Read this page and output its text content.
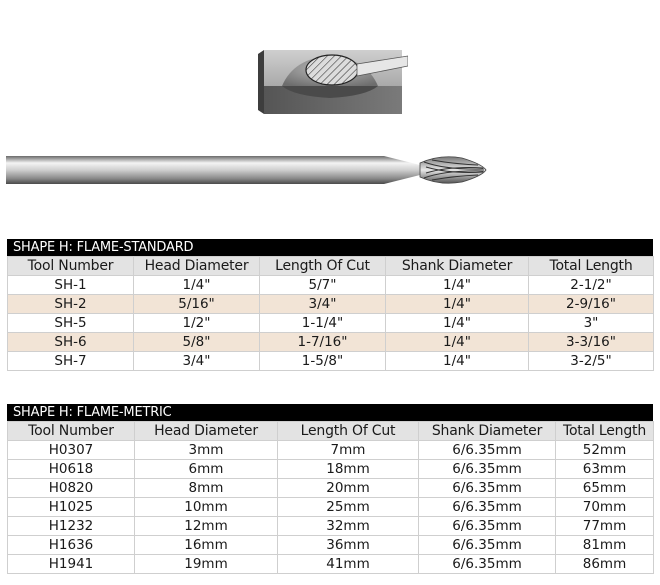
SHAPE H: FLAME-STANDARD
Tool Number	Head Diameter	Length Of Cut	Shank Diameter	Total Length
SH-1	1/4"	5/7"	1/4"	2-1/2"
SH-2	5/16"	3/4"	1/4"	2-9/16"
SH-5	1/2"	1-1/4"	1/4"	3"
SH-6	5/8"	1-7/16"	1/4"	3-3/16"
SH-7	3/4"	1-5/8"	1/4"	3-2/5"
SHAPE H: FLAME-METRIC
Tool Number	Head Diameter	Length Of Cut	Shank Diameter	Total Length
H0307	3mm	7mm	6/6.35mm	52mm
H0618	6mm	18mm	6/6.35mm	63mm
H0820	8mm	20mm	6/6.35mm	65mm
H1025	10mm	25mm	6/6.35mm	70mm
H1232	12mm	32mm	6/6.35mm	77mm
H1636	16mm	36mm	6/6.35mm	81mm
H1941	19mm	41mm	6/6.35mm	86mm
